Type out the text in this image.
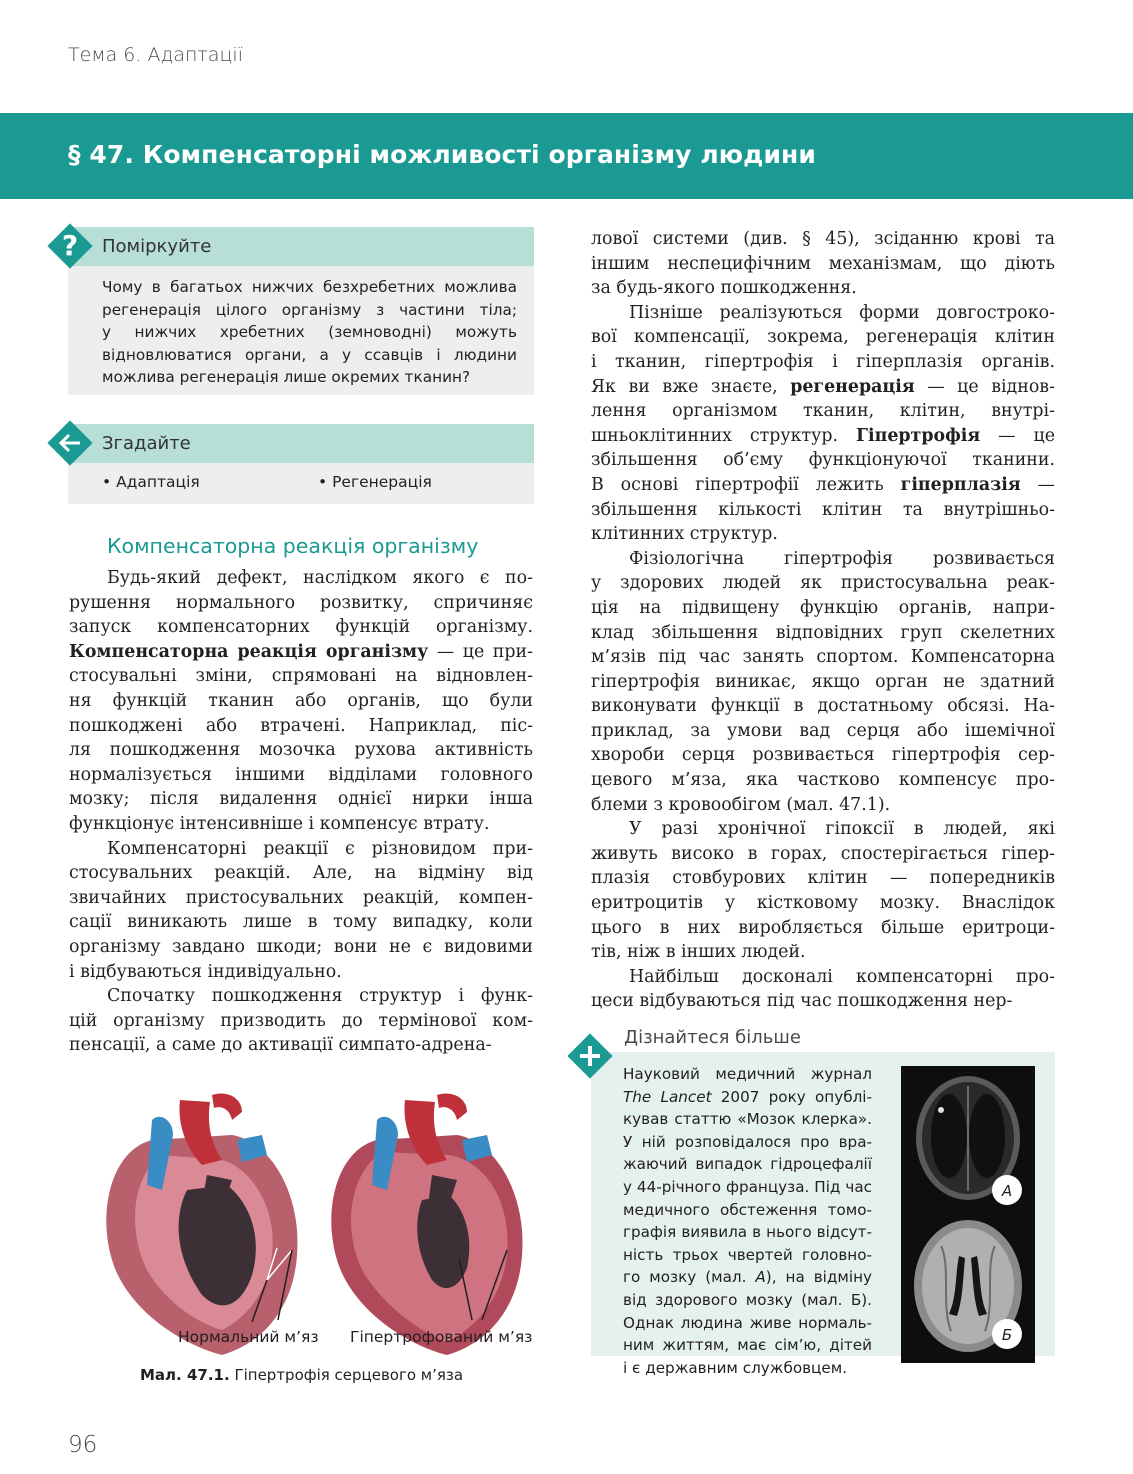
Тема 6. Адаптації
§ 47. Компенсаторні можливості організму людини
?	Поміркуйте
Чому в багатьох нижчих безхребетних можлива
регенерація цілого організму з частини тіла;
у нижчих хребетних (земноводні) можуть
відновлюватися органи, а у ссавців і людини
можлива регенерація лише окремих тканин?
Згадайте
• Адаптація	• Регенерація
Компенсаторна реакція організму
Будь-який дефект, наслідком якого є по-
рушення нормального розвитку, спричиняє
запуск компенсаторних функцій організму.
Компенсаторна реакція організму — це при-
стосувальні зміни, спрямовані на відновлен-
ня функцій тканин або органів, що були
пошкоджені або втрачені. Наприклад, піс-
ля пошкодження мозочка рухова активність
нормалізується іншими відділами головного
мозку; після видалення однієї нирки інша
функціонує інтенсивніше і компенсує втрату.
Компенсаторні реакції є різновидом при-
стосувальних реакцій. Але, на відміну від
звичайних пристосувальних реакцій, компен-
сації виникають лише в тому випадку, коли
організму завдано шкоди; вони не є видовими
і відбуваються індивідуально.
Спочатку пошкодження структур і функ-
цій організму призводить до термінової ком-
пенсації, а саме до активації симпато-адрена-
лової системи (див. § 45), зсіданню крові та
іншим неспецифічним механізмам, що діють
за будь-якого пошкодження.
Пізніше реалізуються форми довгостроко-
вої компенсації, зокрема, регенерація клітин
і тканин, гіпертрофія і гіперплазія органів.
Як ви вже знаєте, регенерація — це віднов-
лення організмом тканин, клітин, внутрі-
шньоклітинних структур. Гіпертрофія — це
збільшення об’єму функціонуючої тканини.
В основі гіпертрофії лежить гіперплазія —
збільшення кількості клітин та внутрішньо-
клітинних структур.
Фізіологічна гіпертрофія розвивається
у здорових людей як пристосувальна реак-
ція на підвищену функцію органів, напри-
клад збільшення відповідних груп скелетних
м’язів під час занять спортом. Компенсаторна
гіпертрофія виникає, якщо орган не здатний
виконувати функції в достатньому обсязі. На-
приклад, за умови вад серця або ішемічної
хвороби серця розвивається гіпертрофія сер-
цевого м’яза, яка частково компенсує про-
блеми з кровообігом (мал. 47.1).
У разі хронічної гіпоксії в людей, які
живуть високо в горах, спостерігається гіпер-
плазія стовбурових клітин — попередників
еритроцитів у кістковому мозку. Внаслідок
цього в них виробляється більше еритроци-
тів, ніж в інших людей.
Найбільш досконалі компенсаторні про-
цеси відбуваються під час пошкодження нер-
Нормальний м’яз Гіпертрофований м’яз
Мал. 47.1. Гіпертрофія серцевого м’яза
Дізнайтеся більше
Науковий медичний журнал
The Lancet 2007 року опублі-
кував статтю «Мозок клерка».
У ній розповідалося про вра-
жаючий випадок гідроцефалії
у 44-річного француза. Під час
медичного обстеження томо-
графія виявила в нього відсут-
ність трьох чвертей головно-
го мозку (мал. А), на відміну
від здорового мозку (мал. Б).
Однак людина живе нормаль-
ним життям, має сім’ю, дітей
і є державним службовцем.
А
Б
96
